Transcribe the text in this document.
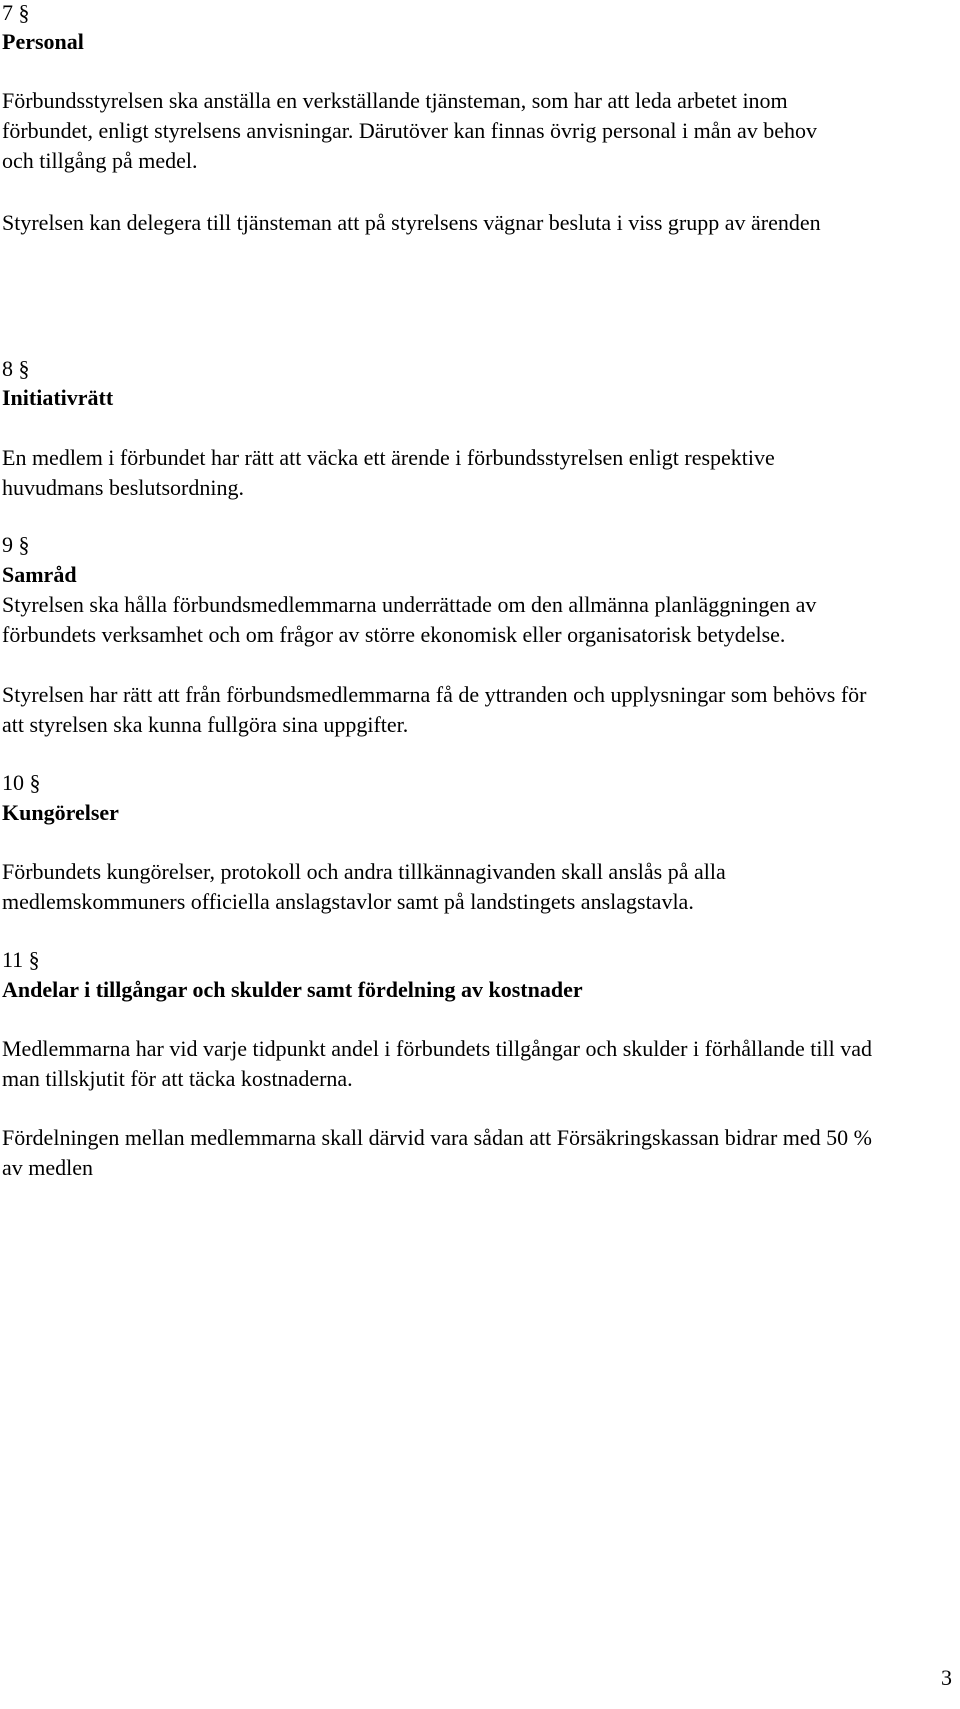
7 §
Personal

Förbundsstyrelsen ska anställa en verkställande tjänsteman, som har att leda arbetet inom förbundet, enligt styrelsens anvisningar. Därutöver kan finnas övrig personal i mån av behov och tillgång på medel.

Styrelsen kan delegera till tjänsteman att på styrelsens vägnar besluta i viss grupp av ärenden

8 §
Initiativrätt

En medlem i förbundet har rätt att väcka ett ärende i förbundsstyrelsen enligt respektive huvudmans beslutsordning.

9 §
Samråd

Styrelsen ska hålla förbundsmedlemmarna underrättade om den allmänna planläggningen av förbundets verksamhet och om frågor av större ekonomisk eller organisatorisk betydelse.

Styrelsen har rätt att från förbundsmedlemmarna få de yttranden och upplysningar som behövs för att styrelsen ska kunna fullgöra sina uppgifter.

10 §
Kungörelser

Förbundets kungörelser, protokoll och andra tillkännagivanden skall anslås på alla medlemskommuners officiella anslagstavlor samt på landstingets anslagstavla.

11 §
Andelar i tillgångar och skulder samt fördelning av kostnader

Medlemmarna har vid varje tidpunkt andel i förbundets tillgångar och skulder i förhållande till vad man tillskjutit för att täcka kostnaderna.

Fördelningen mellan medlemmarna skall därvid vara sådan att Försäkringskassan bidrar med 50 % av medlen

3
